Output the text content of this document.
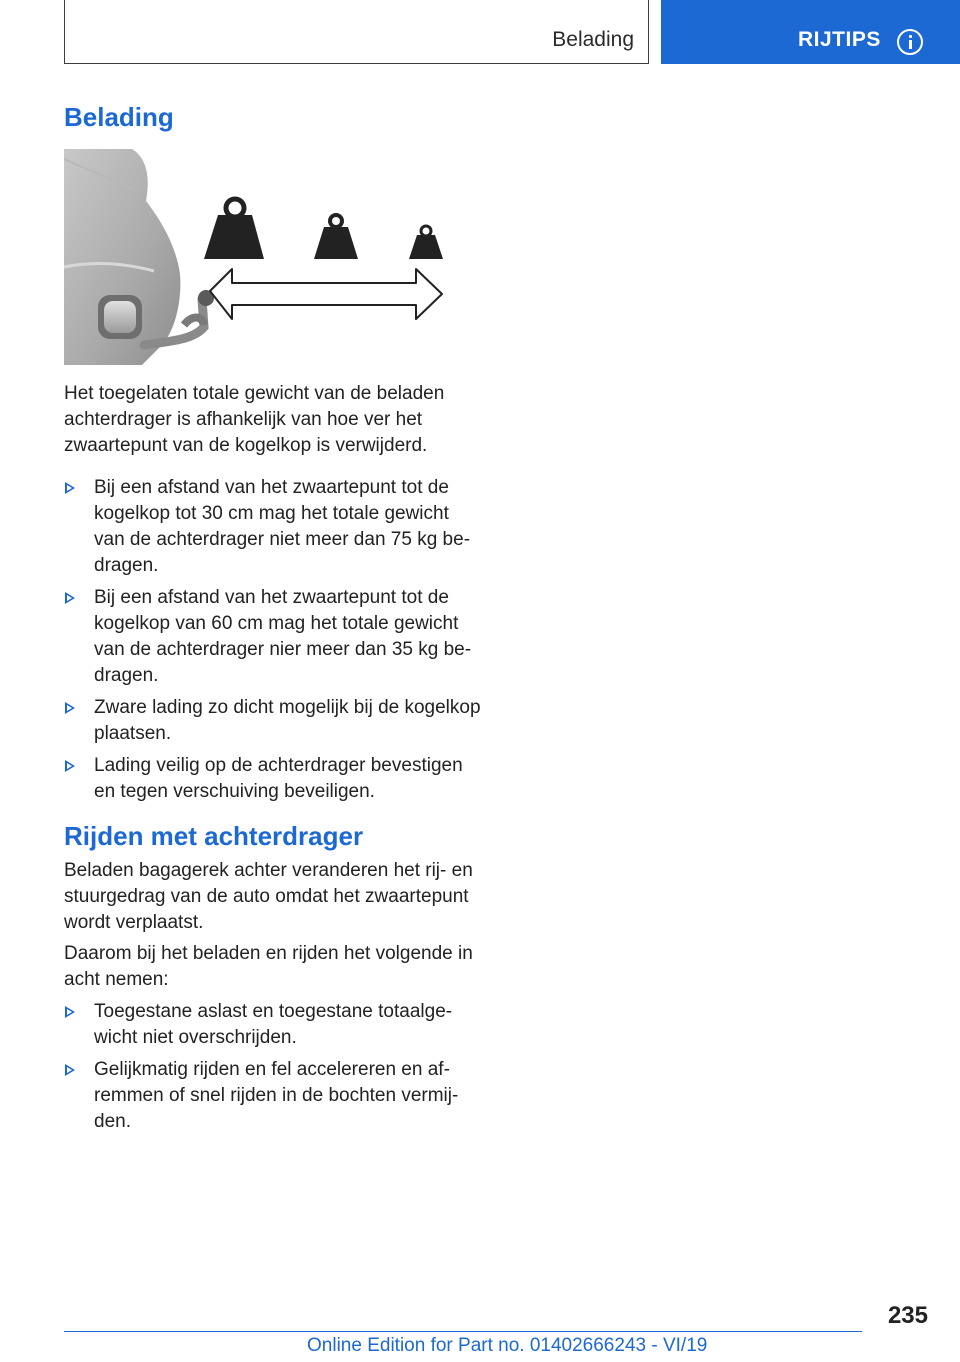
Belading	RIJTIPS
Belading

Het toegelaten totale gewicht van de beladen achterdrager is afhankelijk van hoe ver het zwaartepunt van de kogelkop is verwijderd.

Bij een afstand van het zwaartepunt tot de kogelkop tot 30 cm mag het totale gewicht van de achterdrager niet meer dan 75 kg bedragen.
Bij een afstand van het zwaartepunt tot de kogelkop van 60 cm mag het totale gewicht van de achterdrager nier meer dan 35 kg bedragen.
Zware lading zo dicht mogelijk bij de kogelkop plaatsen.
Lading veilig op de achterdrager bevestigen en tegen verschuiving beveiligen.
Rijden met achterdrager

Beladen bagagerek achter veranderen het rij- en stuurgedrag van de auto omdat het zwaartepunt wordt verplaatst.

Daarom bij het beladen en rijden het volgende in acht nemen:

Toegestane aslast en toegestane totaalgewicht niet overschrijden.
Gelijkmatig rijden en fel accelereren en afremmen of snel rijden in de bochten vermijden.
235
Online Edition for Part no. 01402666243 - VI/19
